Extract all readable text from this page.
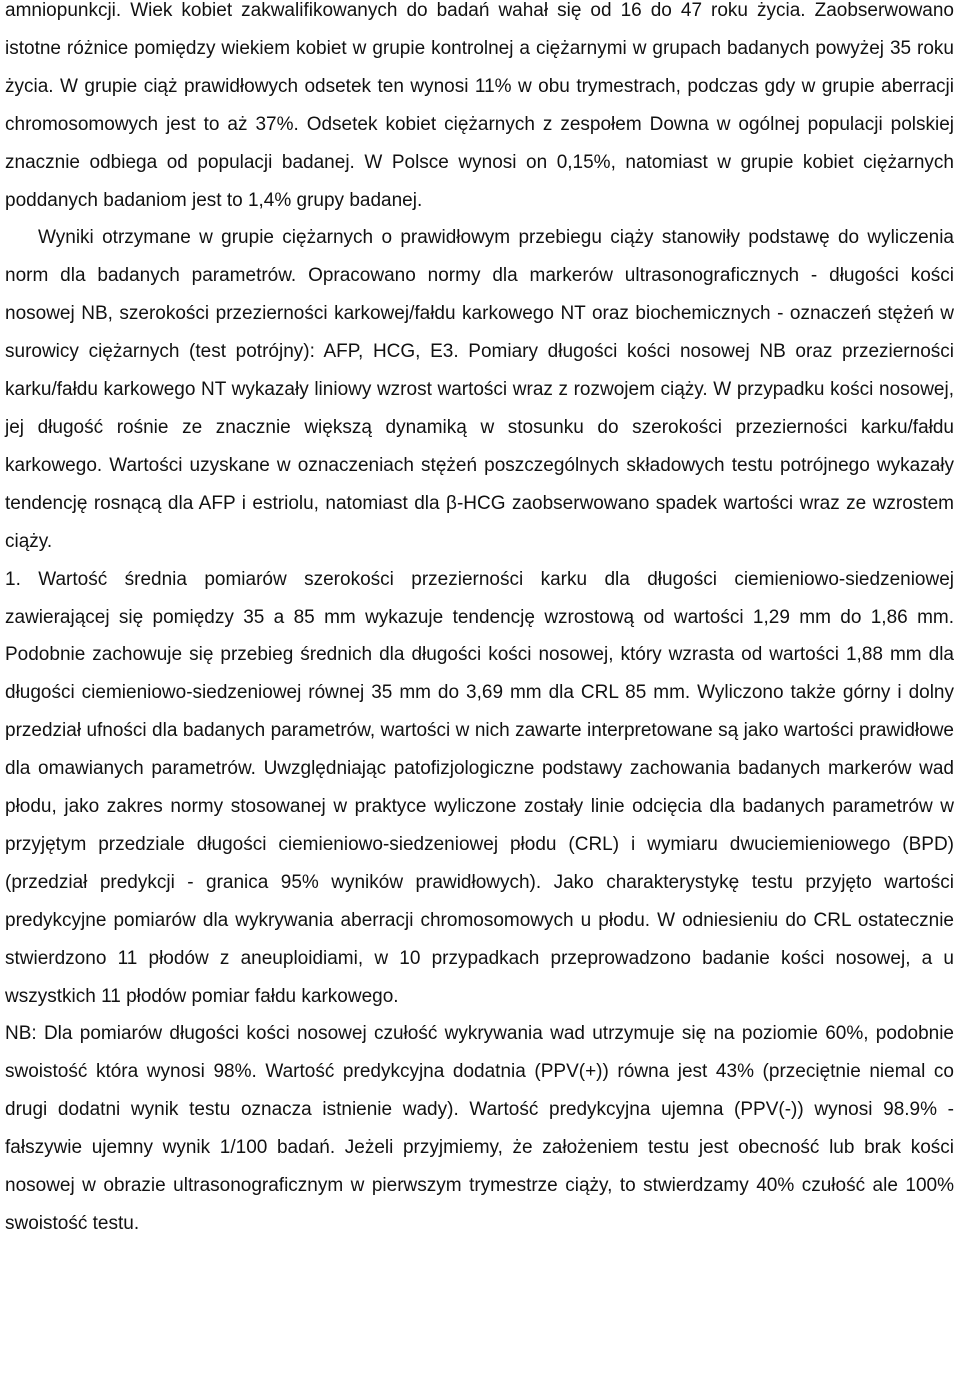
amniopunkcji. Wiek kobiet zakwalifikowanych do badań wahał się od 16 do 47 roku życia. Zaobserwowano istotne różnice pomiędzy wiekiem kobiet w grupie kontrolnej a ciężarnymi w grupach badanych powyżej 35 roku życia. W grupie ciąż prawidłowych odsetek ten wynosi 11% w obu trymestrach, podczas gdy w grupie aberracji chromosomowych jest to aż 37%. Odsetek kobiet ciężarnych z zespołem Downa w ogólnej populacji polskiej znacznie odbiega od populacji badanej. W Polsce wynosi on 0,15%, natomiast w grupie kobiet ciężarnych poddanych badaniom jest to 1,4% grupy badanej.

Wyniki otrzymane w grupie ciężarnych o prawidłowym przebiegu ciąży stanowiły podstawę do wyliczenia norm dla badanych parametrów. Opracowano normy dla markerów ultrasonograficznych - długości kości nosowej NB, szerokości przezierności karkowej/fałdu karkowego NT oraz biochemicznych - oznaczeń stężeń w surowicy ciężarnych (test potrójny): AFP, HCG, E3. Pomiary długości kości nosowej NB oraz przezierności karku/fałdu karkowego NT wykazały liniowy wzrost wartości wraz z rozwojem ciąży. W przypadku kości nosowej, jej długość rośnie ze znacznie większą dynamiką w stosunku do szerokości przezierności karku/fałdu karkowego. Wartości uzyskane w oznaczeniach stężeń poszczególnych składowych testu potrójnego wykazały tendencję rosnącą dla AFP i estriolu, natomiast dla β-HCG zaobserwowano spadek wartości wraz ze wzrostem ciąży.

1. Wartość średnia pomiarów szerokości przezierności karku dla długości ciemieniowo-siedzeniowej zawierającej się pomiędzy 35 a 85 mm wykazuje tendencję wzrostową od wartości 1,29 mm do 1,86 mm. Podobnie zachowuje się przebieg średnich dla długości kości nosowej, który wzrasta od wartości 1,88 mm dla długości ciemieniowo-siedzeniowej równej 35 mm do 3,69 mm dla CRL 85 mm. Wyliczono także górny i dolny przedział ufności dla badanych parametrów, wartości w nich zawarte interpretowane są jako wartości prawidłowe dla omawianych parametrów. Uwzględniając patofizjologiczne podstawy zachowania badanych markerów wad płodu, jako zakres normy stosowanej w praktyce wyliczone zostały linie odcięcia dla badanych parametrów w przyjętym przedziale długości ciemieniowo-siedzeniowej płodu (CRL) i wymiaru dwuciemieniowego (BPD) (przedział predykcji - granica 95% wyników prawidłowych). Jako charakterystykę testu przyjęto wartości predykcyjne pomiarów dla wykrywania aberracji chromosomowych u płodu. W odniesieniu do CRL ostatecznie stwierdzono 11 płodów z aneuploidiami, w 10 przypadkach przeprowadzono badanie kości nosowej, a u wszystkich 11 płodów pomiar fałdu karkowego.

NB: Dla pomiarów długości kości nosowej czułość wykrywania wad utrzymuje się na poziomie 60%, podobnie swoistość która wynosi 98%. Wartość predykcyjna dodatnia (PPV(+)) równa jest 43% (przeciętnie niemal co drugi dodatni wynik testu oznacza istnienie wady). Wartość predykcyjna ujemna (PPV(-)) wynosi 98.9% - fałszywie ujemny wynik 1/100 badań. Jeżeli przyjmiemy, że założeniem testu jest obecność lub brak kości nosowej w obrazie ultrasonograficznym w pierwszym trymestrze ciąży, to stwierdzamy 40% czułość ale 100% swoistość testu.
